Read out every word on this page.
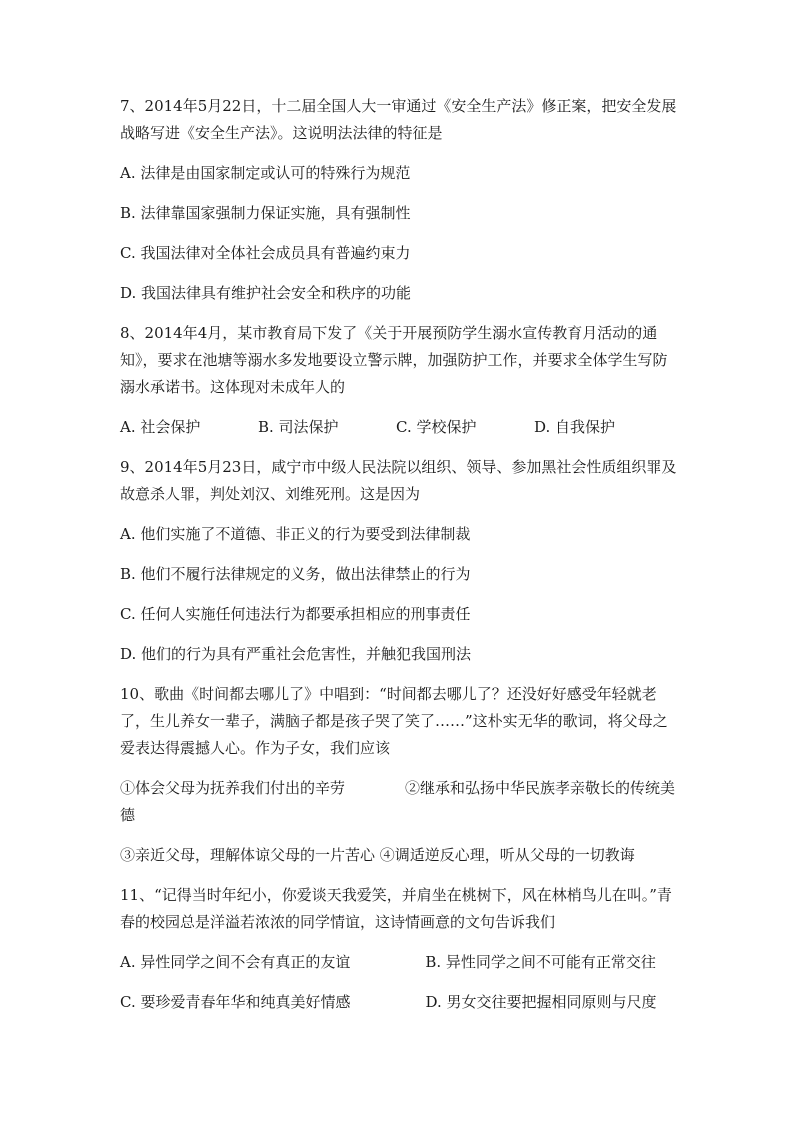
7、2014年5月22日，十二届全国人大一审通过《安全生产法》修正案，把安全发展战略写进《安全生产法》。这说明法法律的特征是

A. 法律是由国家制定或认可的特殊行为规范

B. 法律靠国家强制力保证实施，具有强制性

C. 我国法律对全体社会成员具有普遍约束力

D. 我国法律具有维护社会安全和秩序的功能

8、2014年4月，某市教育局下发了《关于开展预防学生溺水宣传教育月活动的通知》，要求在池塘等溺水多发地要设立警示牌，加强防护工作，并要求全体学生写防溺水承诺书。这体现对未成年人的

A. 社会保护	B. 司法保护	C. 学校保护	D. 自我保护

9、2014年5月23日，咸宁市中级人民法院以组织、领导、参加黑社会性质组织罪及故意杀人罪，判处刘汉、刘维死刑。这是因为

A. 他们实施了不道德、非正义的行为要受到法律制裁

B. 他们不履行法律规定的义务，做出法律禁止的行为

C. 任何人实施任何违法行为都要承担相应的刑事责任

D. 他们的行为具有严重社会危害性，并触犯我国刑法

10、歌曲《时间都去哪儿了》中唱到：“时间都去哪儿了？还没好好感受年轻就老了，生儿养女一辈子，满脑子都是孩子哭了笑了……”这朴实无华的歌词，将父母之爱表达得震撼人心。作为子女，我们应该

①体会父母为抚养我们付出的辛劳　　　　②继承和弘扬中华民族孝亲敬长的传统美德

③亲近父母，理解体谅父母的一片苦心 ④调适逆反心理，听从父母的一切教诲

11、“记得当时年纪小，你爱谈天我爱笑，并肩坐在桃树下，风在林梢鸟儿在叫。”青春的校园总是洋溢若浓浓的同学情谊，这诗情画意的文句告诉我们

A. 异性同学之间不会有真正的友谊　　　　　B. 异性同学之间不可能有正常交往

C. 要珍爱青春年华和纯真美好情感　　　　　D. 男女交往要把握相同原则与尺度
